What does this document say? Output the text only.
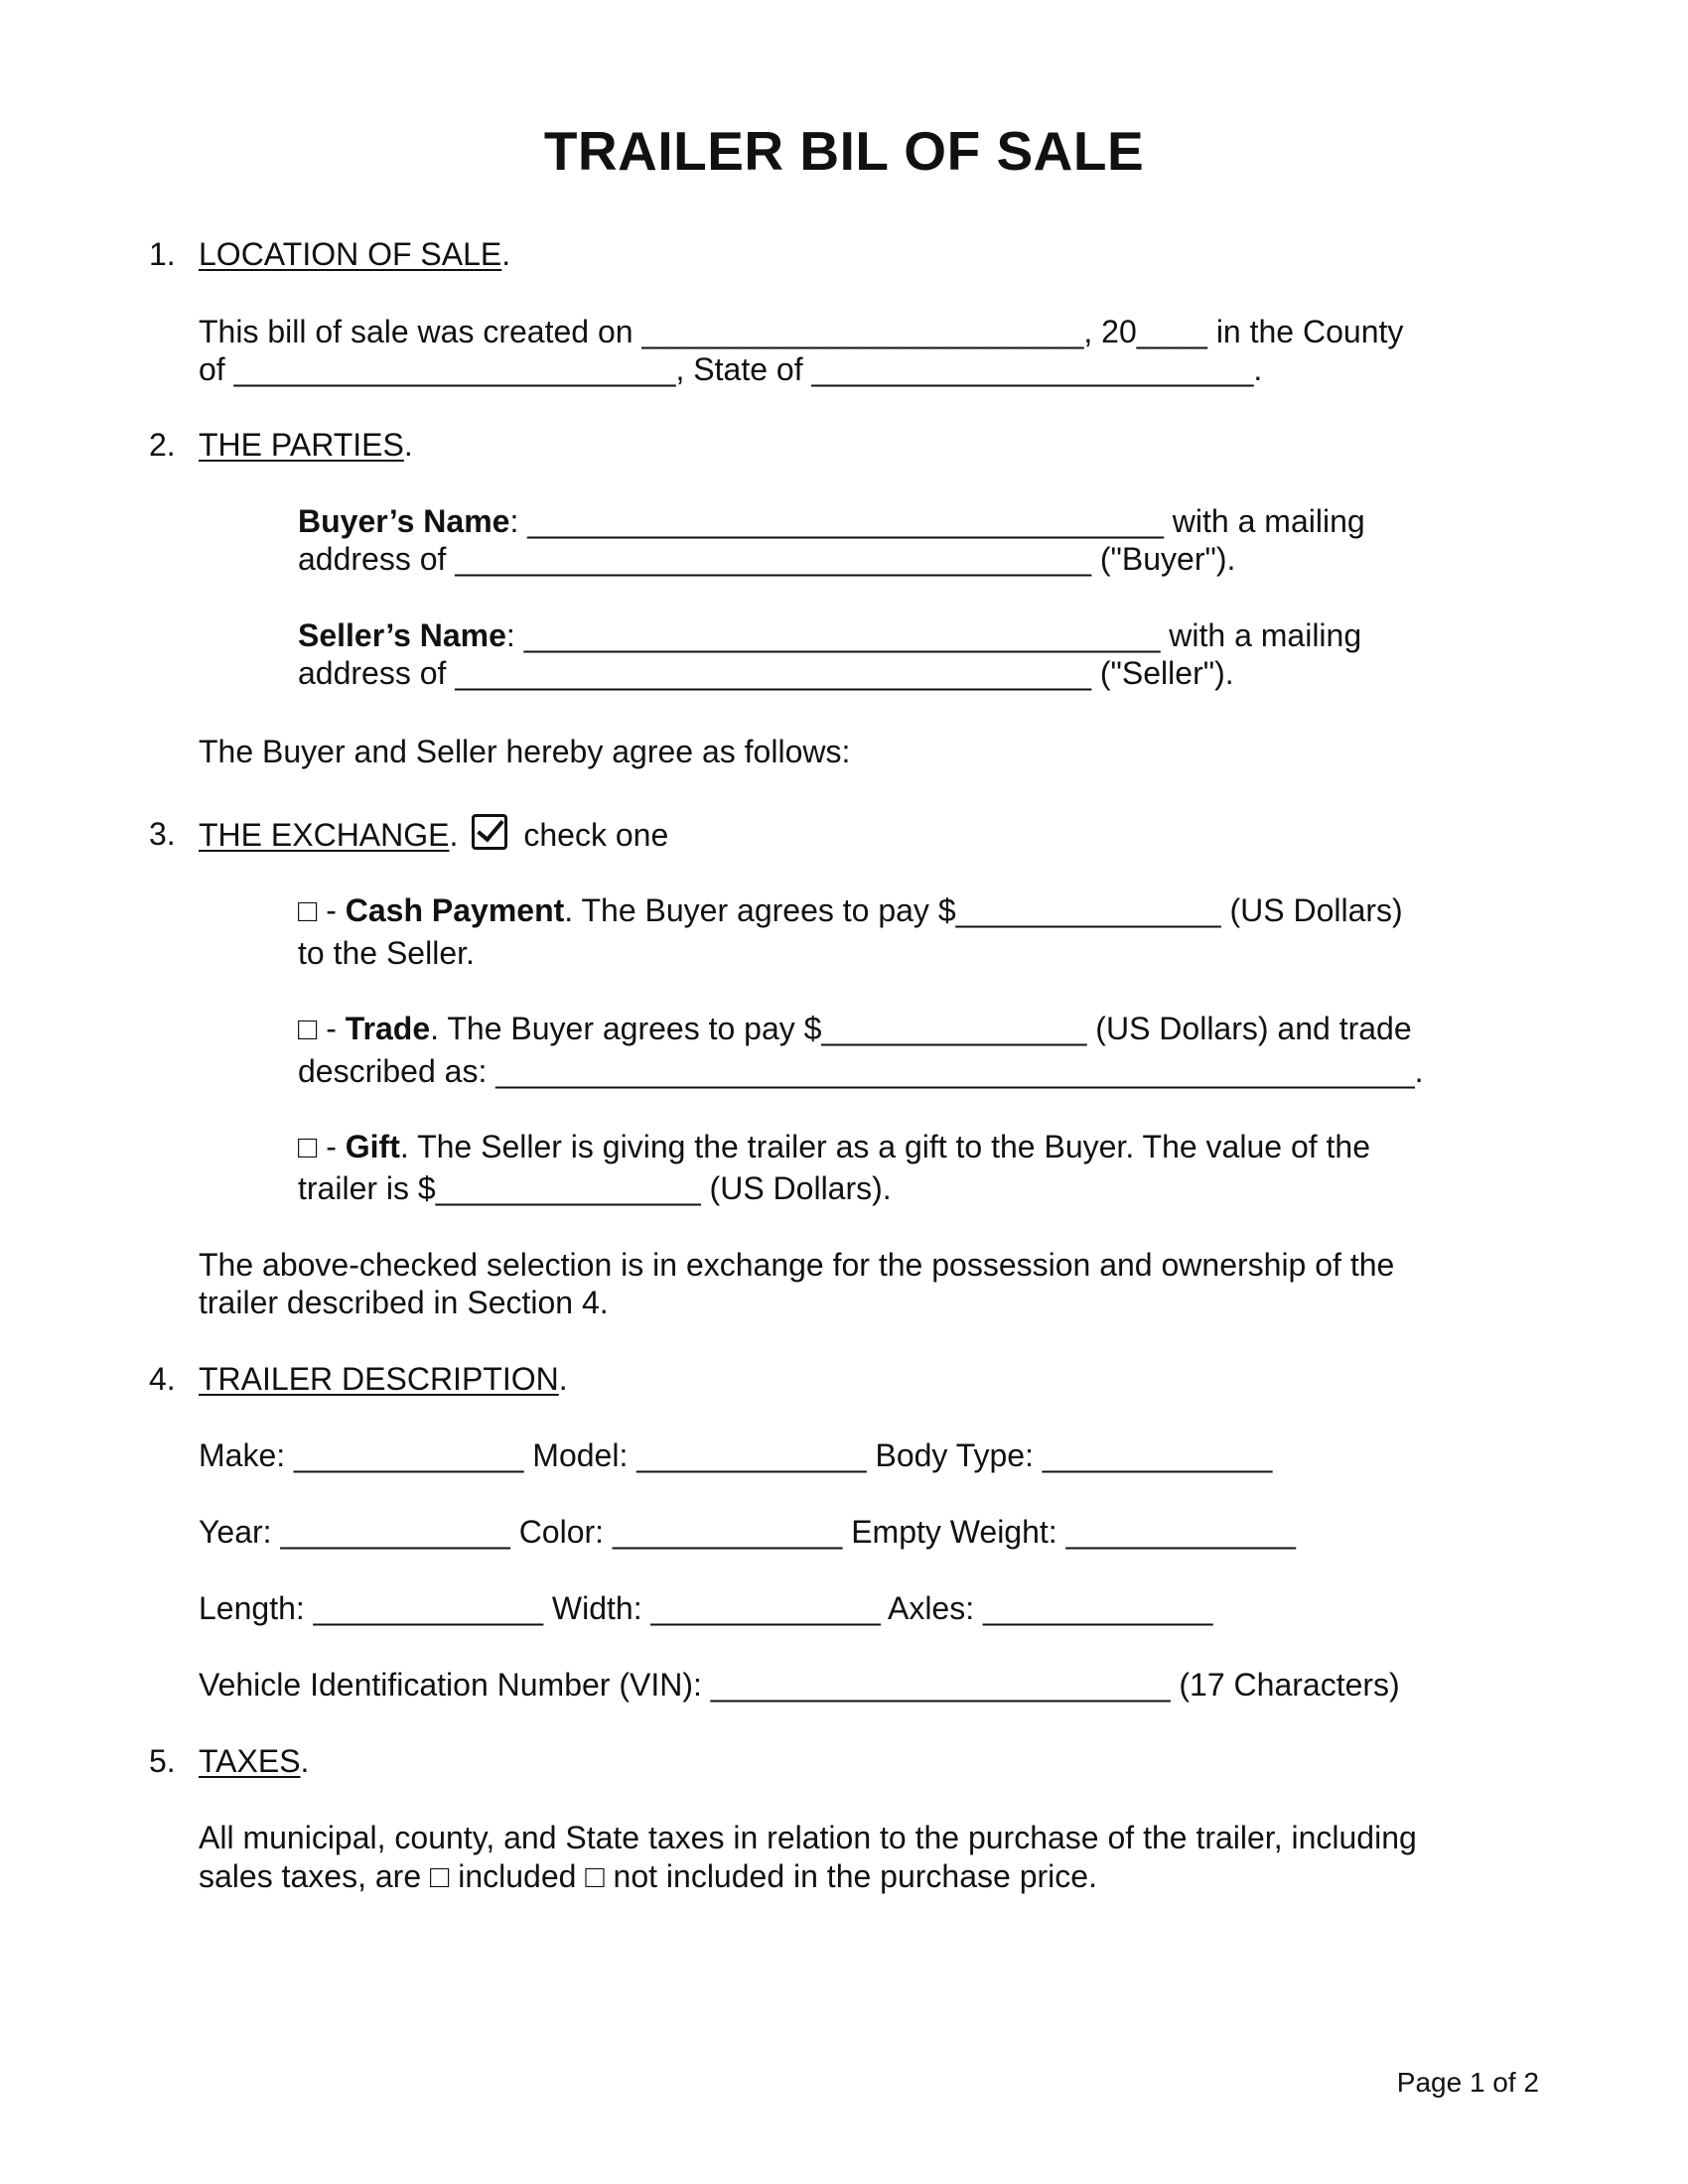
TRAILER BIL OF SALE
1. LOCATION OF SALE.
This bill of sale was created on _________________________, 20____ in the County
of _________________________, State of _________________________.
2. THE PARTIES.
Buyer’s Name: ____________________________________ with a mailing
address of ____________________________________ ("Buyer").
Seller’s Name: ____________________________________ with a mailing
address of ____________________________________ ("Seller").
The Buyer and Seller hereby agree as follows:
3. THE EXCHANGE. check one
□ - Cash Payment. The Buyer agrees to pay $_______________ (US Dollars)
to the Seller.
□ - Trade. The Buyer agrees to pay $_______________ (US Dollars) and trade
described as: ____________________________________________________.
□ - Gift. The Seller is giving the trailer as a gift to the Buyer. The value of the
trailer is $_______________ (US Dollars).
The above-checked selection is in exchange for the possession and ownership of the
trailer described in Section 4.
4. TRAILER DESCRIPTION.
Make: _____________ Model: _____________ Body Type: _____________
Year: _____________ Color: _____________ Empty Weight: _____________
Length: _____________ Width: _____________ Axles: _____________
Vehicle Identification Number (VIN): __________________________ (17 Characters)
5. TAXES.
All municipal, county, and State taxes in relation to the purchase of the trailer, including
sales taxes, are □ included □ not included in the purchase price.
Page 1 of 2
